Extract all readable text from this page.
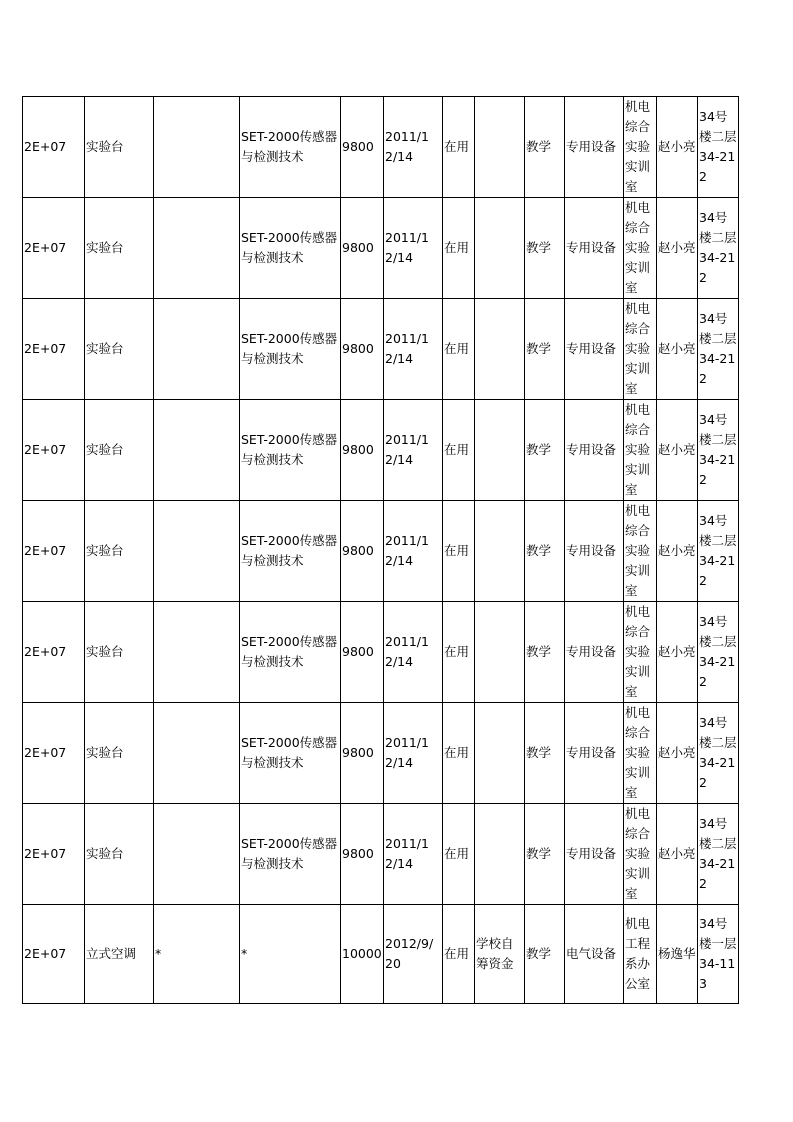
2E+07	实验台		SET-2000传感器与检测技术	9800	2011/12/14	在用		教学	专用设备	机电综合实验实训室	赵小亮	34号楼二层34-212
2E+07	实验台		SET-2000传感器与检测技术	9800	2011/12/14	在用		教学	专用设备	机电综合实验实训室	赵小亮	34号楼二层34-212
2E+07	实验台		SET-2000传感器与检测技术	9800	2011/12/14	在用		教学	专用设备	机电综合实验实训室	赵小亮	34号楼二层34-212
2E+07	实验台		SET-2000传感器与检测技术	9800	2011/12/14	在用		教学	专用设备	机电综合实验实训室	赵小亮	34号楼二层34-212
2E+07	实验台		SET-2000传感器与检测技术	9800	2011/12/14	在用		教学	专用设备	机电综合实验实训室	赵小亮	34号楼二层34-212
2E+07	实验台		SET-2000传感器与检测技术	9800	2011/12/14	在用		教学	专用设备	机电综合实验实训室	赵小亮	34号楼二层34-212
2E+07	实验台		SET-2000传感器与检测技术	9800	2011/12/14	在用		教学	专用设备	机电综合实验实训室	赵小亮	34号楼二层34-212
2E+07	实验台		SET-2000传感器与检测技术	9800	2011/12/14	在用		教学	专用设备	机电综合实验实训室	赵小亮	34号楼二层34-212
2E+07	立式空调	*	*	10000	2012/9/20	在用	学校自筹资金	教学	电气设备	机电工程系办公室	杨逸华	34号楼一层34-113
